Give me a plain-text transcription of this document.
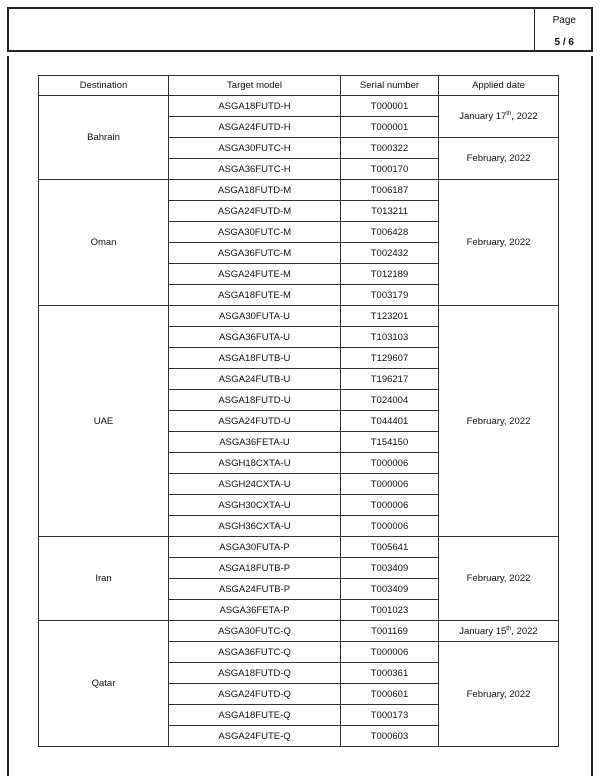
Page
5 / 6
Destination	Target model	Serial number	Applied date
Bahrain	ASGA18FUTD-H	T000001	January 17th, 2022
	ASGA24FUTD-H	T000001	
	ASGA30FUTC-H	T000322	February, 2022
	ASGA36FUTC-H	T000170	
Oman	ASGA18FUTD-M	T006187	February, 2022
	ASGA24FUTD-M	T013211	
	ASGA30FUTC-M	T006428	
	ASGA36FUTC-M	T002432	
	ASGA24FUTE-M	T012189	
	ASGA18FUTE-M	T003179	
UAE	ASGA30FUTA-U	T123201	February, 2022
	ASGA36FUTA-U	T103103	
	ASGA18FUTB-U	T129607	
	ASGA24FUTB-U	T196217	
	ASGA18FUTD-U	T024004	
	ASGA24FUTD-U	T044401	
	ASGA36FETA-U	T154150	
	ASGH18CXTA-U	T000006	
	ASGH24CXTA-U	T000006	
	ASGH30CXTA-U	T000006	
	ASGH36CXTA-U	T000006	
Iran	ASGA30FUTA-P	T005641	February, 2022
	ASGA18FUTB-P	T003409	
	ASGA24FUTB-P	T003409	
	ASGA36FETA-P	T001023	
Qatar	ASGA30FUTC-Q	T001169	January 15th, 2022
	ASGA36FUTC-Q	T000006	February, 2022
	ASGA18FUTD-Q	T000361	
	ASGA24FUTD-Q	T000601	
	ASGA18FUTE-Q	T000173	
	ASGA24FUTE-Q	T000603	
